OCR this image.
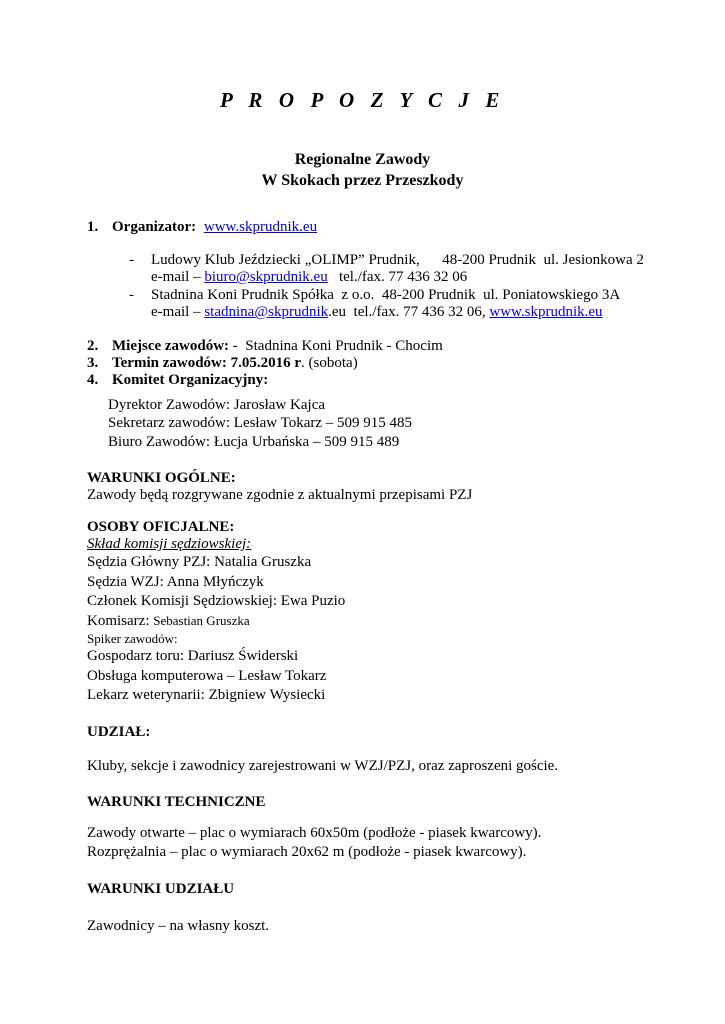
P R O P O Z Y C J E
Regionalne Zawody
W Skokach przez Przeszkody
1. Organizator: www.skprudnik.eu
- Ludowy Klub Jeździecki „OLIMP” Prudnik,      48-200 Prudnik  ul. Jesionkowa 2
e-mail – biuro@skprudnik.eu   tel./fax. 77 436 32 06
- Stadnina Koni Prudnik Spółka  z o.o.  48-200 Prudnik  ul. Poniatowskiego 3A
e-mail – stadnina@skprudnik.eu  tel./fax. 77 436 32 06, www.skprudnik.eu
2. Miejsce zawodów: -  Stadnina Koni Prudnik - Chocim
3. Termin zawodów: 7.05.2016 r. (sobota)
4. Komitet Organizacyjny:
Dyrektor Zawodów: Jarosław Kajca
Sekretarz zawodów: Lesław Tokarz – 509 915 485
Biuro Zawodów: Łucja Urbańska – 509 915 489
WARUNKI OGÓLNE:
Zawody będą rozgrywane zgodnie z aktualnymi przepisami PZJ
OSOBY OFICJALNE:
Skład komisji sędziowskiej:
Sędzia Główny PZJ: Natalia Gruszka
Sędzia WZJ: Anna Młyńczyk
Członek Komisji Sędziowskiej: Ewa Puzio
Komisarz: Sebastian Gruszka
Spiker zawodów:
Gospodarz toru: Dariusz Świderski
Obsługa komputerowa – Lesław Tokarz
Lekarz weterynarii: Zbigniew Wysiecki
UDZIAŁ:
Kluby, sekcje i zawodnicy zarejestrowani w WZJ/PZJ, oraz zaproszeni goście.
WARUNKI TECHNICZNE
Zawody otwarte – plac o wymiarach 60x50m (podłoże - piasek kwarcowy).
Rozprężalnia – plac o wymiarach 20x62 m (podłoże - piasek kwarcowy).
WARUNKI UDZIAŁU
Zawodnicy – na własny koszt.
